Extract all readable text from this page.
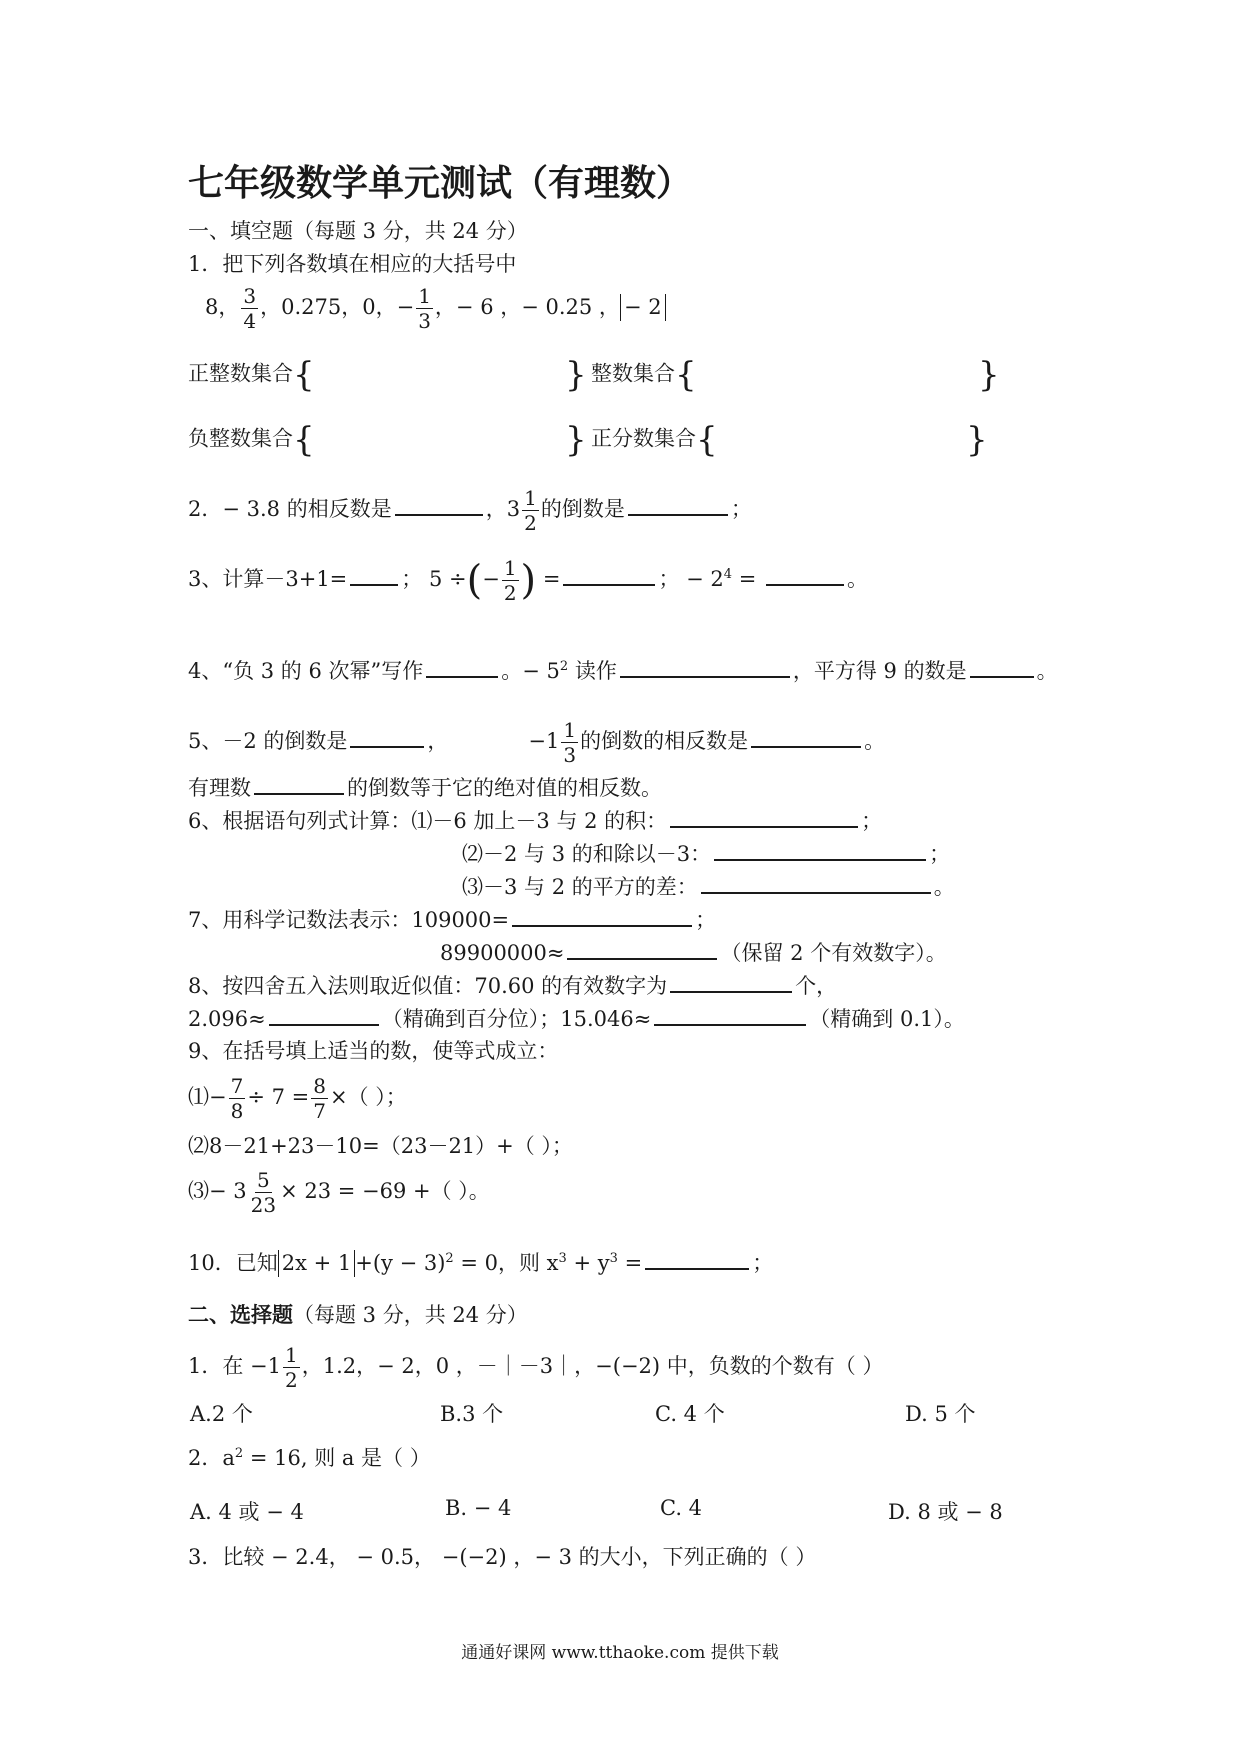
七年级数学单元测试（有理数）
一、填空题（每题 3 分，共 24 分）
1．把下列各数填在相应的大括号中
8， $\frac{3}{4}$ ，0.275，0，− $\frac{1}{3}$ ，− 6 ，− 0.25 ， − 2
正整数集合{	} 整数集合{	}
负整数集合{	} 正分数集合{	}
2．− 3.8 的相反数是	，$3 \frac{1}{2}$ 的倒数是	；
3、计算－3+1=	； 5 ÷(− $\frac{1}{2}$ ) =	； − $2^4$ =	。
4、“负 3 的 6 次幂”写作	。− $5^2$ 读作	，平方得 9 的数是	。
5、－2 的倒数是	，	$-1 \frac{1}{3}$ 的倒数的相反数是	。
有理数	的倒数等于它的绝对值的相反数。
6、根据语句列式计算：⑴－6 加上－3 与 2 的积：	；
⑵－2 与 3 的和除以－3：	；
⑶－3 与 2 的平方的差：	。
7、用科学记数法表示：109000=	；
89900000≈	（保留 2 个有效数字）。
8、按四舍五入法则取近似值：70.60 的有效数字为	个，
2.096≈	（精确到百分位）；15.046≈	（精确到 0.1）。
9、在括号填上适当的数，使等式成立：
⑴− $\frac{7}{8} \div 7 = \frac{8}{7}$ ×（ ）；
⑵8－21+23－10=（23－21）+（ ）；
⑶− $3 \frac{5}{23} \times 23 = -69$ +（ ）。
10．已知 $2x + 1 +(y - 3)^2 = 0$，则 $x^3 + y^3$ =	；
二、选择题（每题 3 分，共 24 分）
1．在 $-1 \frac{1}{2}$ ，1.2，− 2，0 ，－｜－3｜，−(−2) 中，负数的个数有（ ）
A.2 个	B.3 个	C. 4 个	D. 5 个
2．$a^2 = 16$, 则 a 是（ ）
A. 4 或 − 4	B. − 4	C. 4	D. 8 或 − 8
3．比较 − 2.4， − 0.5， −(−2) ，− 3 的大小，下列正确的（ ）
通通好课网 www.tthaoke.com 提供下载
